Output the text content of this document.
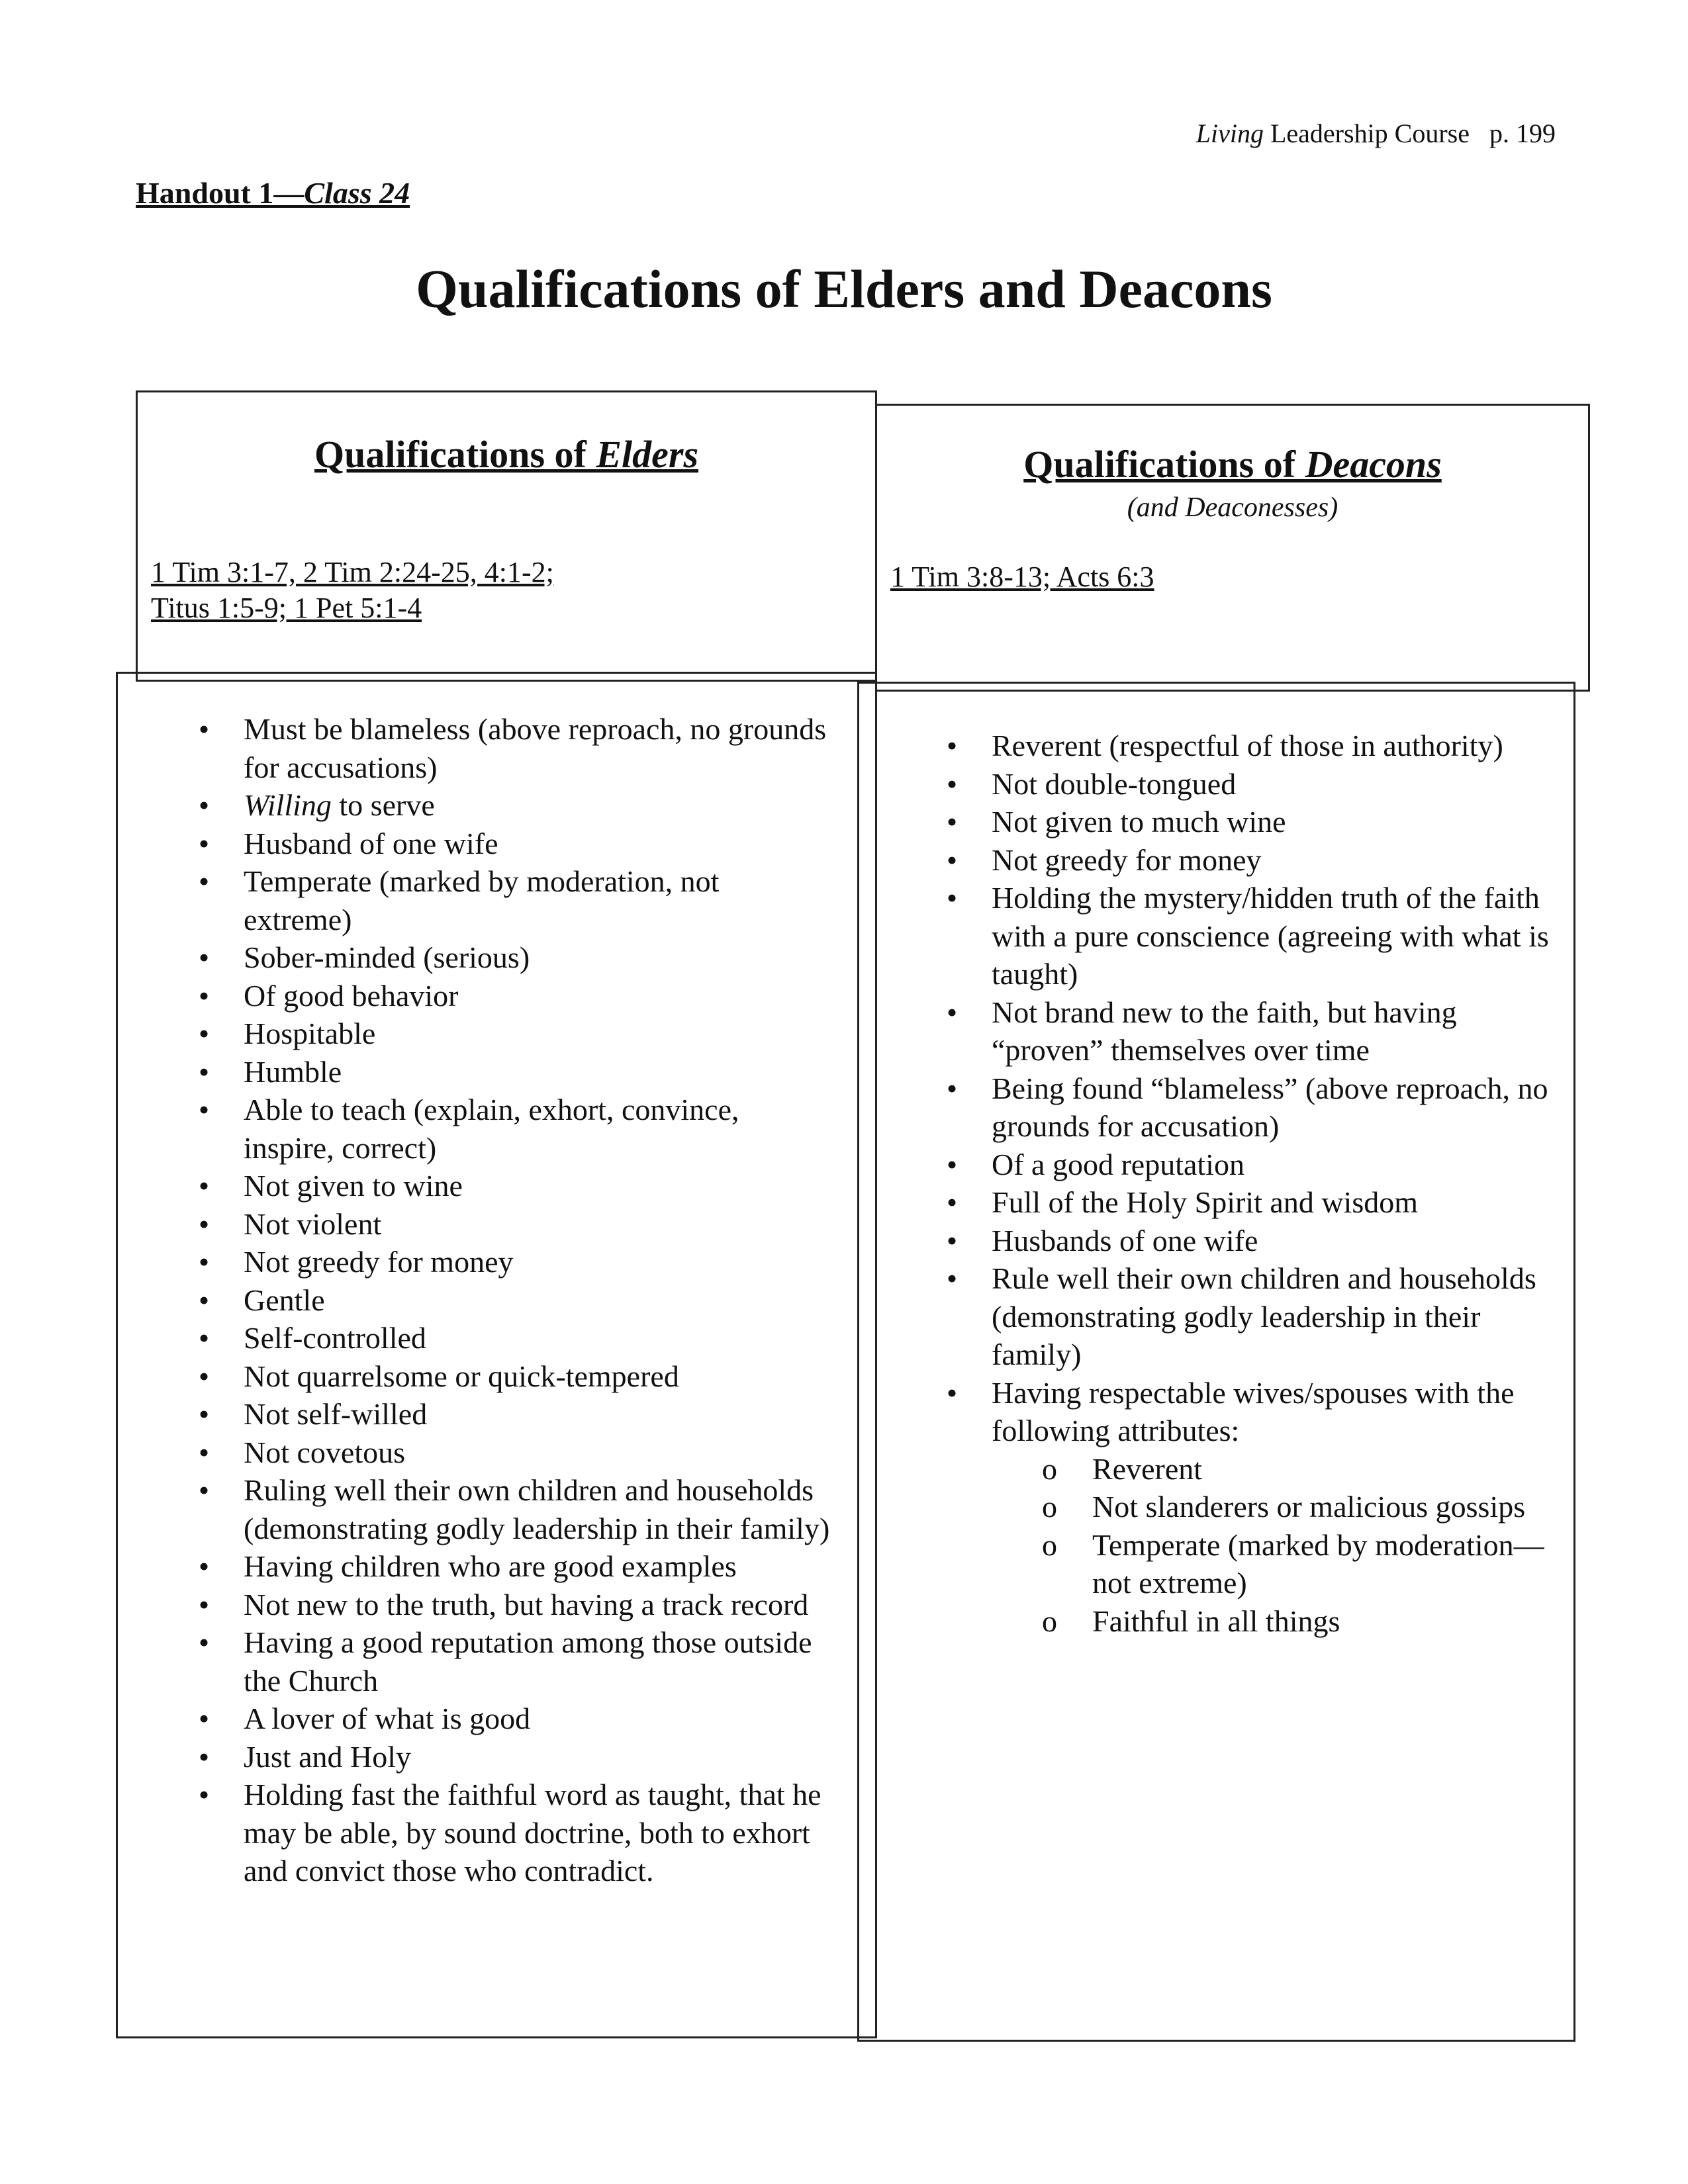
Living Leadership Course p. 199
Handout 1—Class 24
Qualifications of Elders and Deacons
Qualifications of Elders
1 Tim 3:1-7, 2 Tim 2:24-25, 4:1-2;
Titus 1:5-9; 1 Pet 5:1-4
Qualifications of Deacons
(and Deaconesses)
1 Tim 3:8-13; Acts 6:3
• Must be blameless (above reproach, no grounds for accusations)
• Willing to serve
• Husband of one wife
• Temperate (marked by moderation, not extreme)
• Sober-minded (serious)
• Of good behavior
• Hospitable
• Humble
• Able to teach (explain, exhort, convince, inspire, correct)
• Not given to wine
• Not violent
• Not greedy for money
• Gentle
• Self-controlled
• Not quarrelsome or quick-tempered
• Not self-willed
• Not covetous
• Ruling well their own children and households (demonstrating godly leadership in their family)
• Having children who are good examples
• Not new to the truth, but having a track record
• Having a good reputation among those outside the Church
• A lover of what is good
• Just and Holy
• Holding fast the faithful word as taught, that he may be able, by sound doctrine, both to exhort and convict those who contradict.
• Reverent (respectful of those in authority)
• Not double-tongued
• Not given to much wine
• Not greedy for money
• Holding the mystery/hidden truth of the faith with a pure conscience (agreeing with what is taught)
• Not brand new to the faith, but having “proven” themselves over time
• Being found “blameless” (above reproach, no grounds for accusation)
• Of a good reputation
• Full of the Holy Spirit and wisdom
• Husbands of one wife
• Rule well their own children and households (demonstrating godly leadership in their family)
• Having respectable wives/spouses with the following attributes:
o Reverent
o Not slanderers or malicious gossips
o Temperate (marked by moderation—not extreme)
o Faithful in all things
